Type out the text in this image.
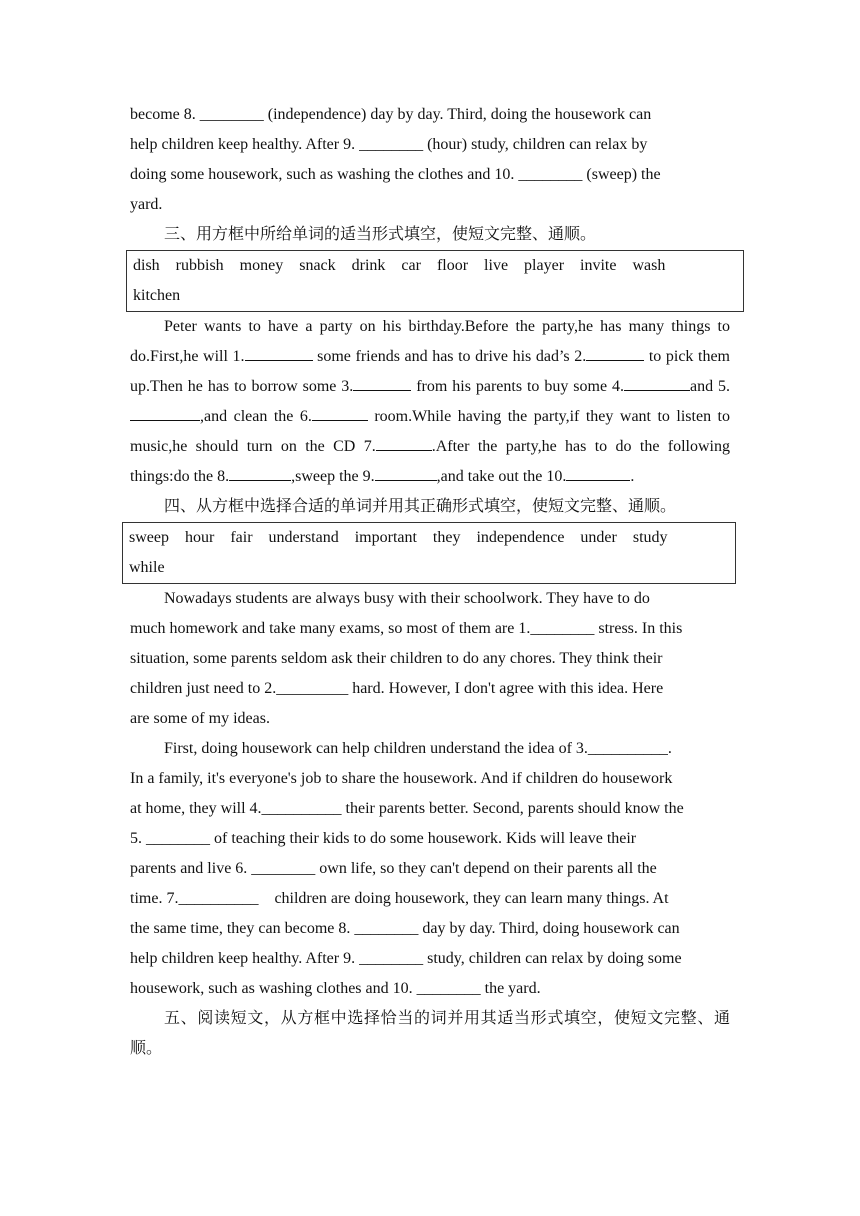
become 8. ________ (independence) day by day. Third, doing the housework can

help children keep healthy. After 9. ________ (hour) study, children can relax by

doing some housework, such as washing the clothes and 10. ________ (sweep) the

yard.

三、用方框中所给单词的适当形式填空，使短文完整、通顺。

dish    rubbish    money    snack    drink    car    floor    live    player    invite    wash
kitchen

Peter wants to have a party on his birthday.Before the party,he has many things to do.First,he will 1.	some friends and has to drive his dad’s 2.	to pick them up.Then he has to borrow some 3.	from his parents to buy some 4.	and 5.,and clean the 6.	room.While having the party,if they want to listen to music,he should turn on the CD 7.	.After the party,he has to do the following things:do the 8.	,sweep the 9.	,and take out the 10.	.

四、从方框中选择合适的单词并用其正确形式填空，使短文完整、通顺。

sweep    hour    fair    understand    important    they    independence    under    study
while

Nowadays students are always busy with their schoolwork. They have to do

much homework and take many exams, so most of them are 1.________ stress. In this

situation, some parents seldom ask their children to do any chores. They think their

children just need to 2._________ hard. However, I don't agree with this idea. Here

are some of my ideas.

First, doing housework can help children understand the idea of 3.__________.

In a family, it's everyone's job to share the housework. And if children do housework

at home, they will 4.__________ their parents better. Second, parents should know the

5. ________ of teaching their kids to do some housework. Kids will leave their

parents and live 6. ________ own life, so they can't depend on their parents all the

time. 7.__________    children are doing housework, they can learn many things. At

the same time, they can become 8. ________ day by day. Third, doing housework can

help children keep healthy. After 9. ________ study, children can relax by doing some

housework, such as washing clothes and 10. ________ the yard.

五、阅读短文，从方框中选择恰当的词并用其适当形式填空，使短文完整、通顺。
